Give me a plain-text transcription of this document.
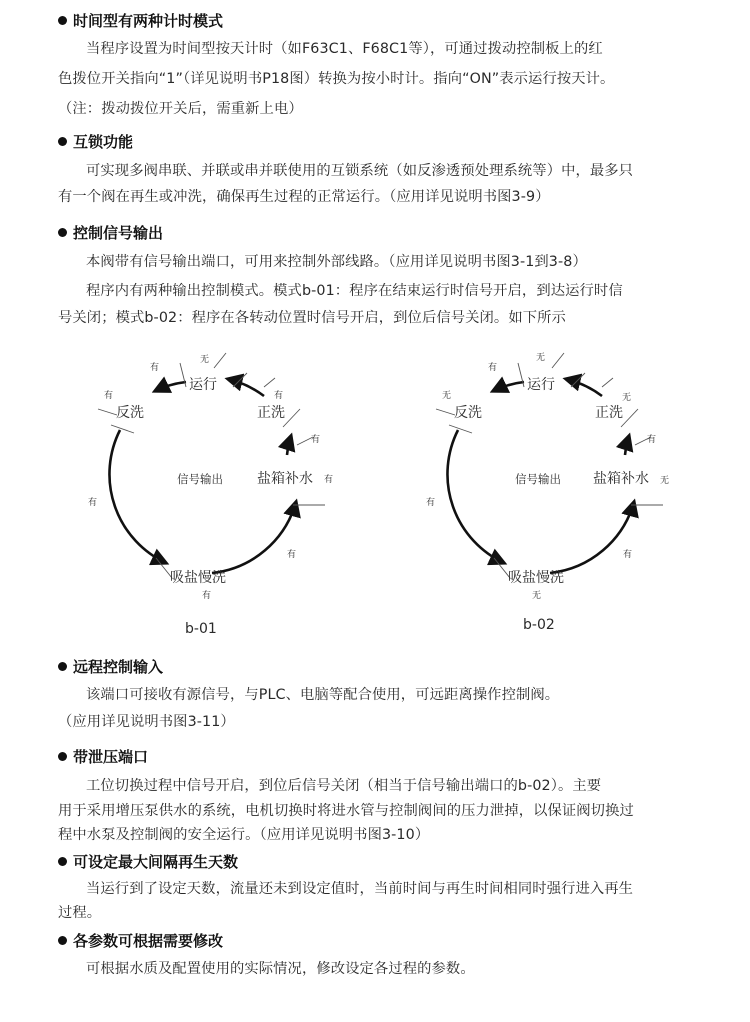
时间型有两种计时模式
当程序设置为时间型按天计时（如F63C1、F68C1等），可通过拨动控制板上的红
色拨位开关指向“1”（详见说明书P18图）转换为按小时计。指向“ON”表示运行按天计。
（注：拨动拨位开关后，需重新上电）
互锁功能
可实现多阀串联、并联或串并联使用的互锁系统（如反渗透预处理系统等）中，最多只
有一个阀在再生或冲洗，确保再生过程的正常运行。（应用详见说明书图3-9）
控制信号输出
本阀带有信号输出端口，可用来控制外部线路。（应用详见说明书图3-1到3-8）
程序内有两种输出控制模式。模式b-01：程序在结束运行时信号开启，到达运行时信
号关闭；模式b-02：程序在各转动位置时信号开启，到位后信号关闭。如下所示
运行
反洗	正洗
盐箱补水
吸盐慢洗
信号输出
有
无
有
有
有
有
有
有
有
b-01
运行
反洗	正洗
盐箱补水
吸盐慢洗
信号输出
有
无
无
有
无
有
无
有
无
b-02
远程控制输入
该端口可接收有源信号，与PLC、电脑等配合使用，可远距离操作控制阀。
（应用详见说明书图3-11）
带泄压端口
工位切换过程中信号开启，到位后信号关闭（相当于信号输出端口的b-02）。主要
用于采用增压泵供水的系统，电机切换时将进水管与控制阀间的压力泄掉，以保证阀切换过
程中水泵及控制阀的安全运行。（应用详见说明书图3-10）
可设定最大间隔再生天数
当运行到了设定天数，流量还未到设定值时，当前时间与再生时间相同时强行进入再生
过程。
各参数可根据需要修改
可根据水质及配置使用的实际情况，修改设定各过程的参数。
